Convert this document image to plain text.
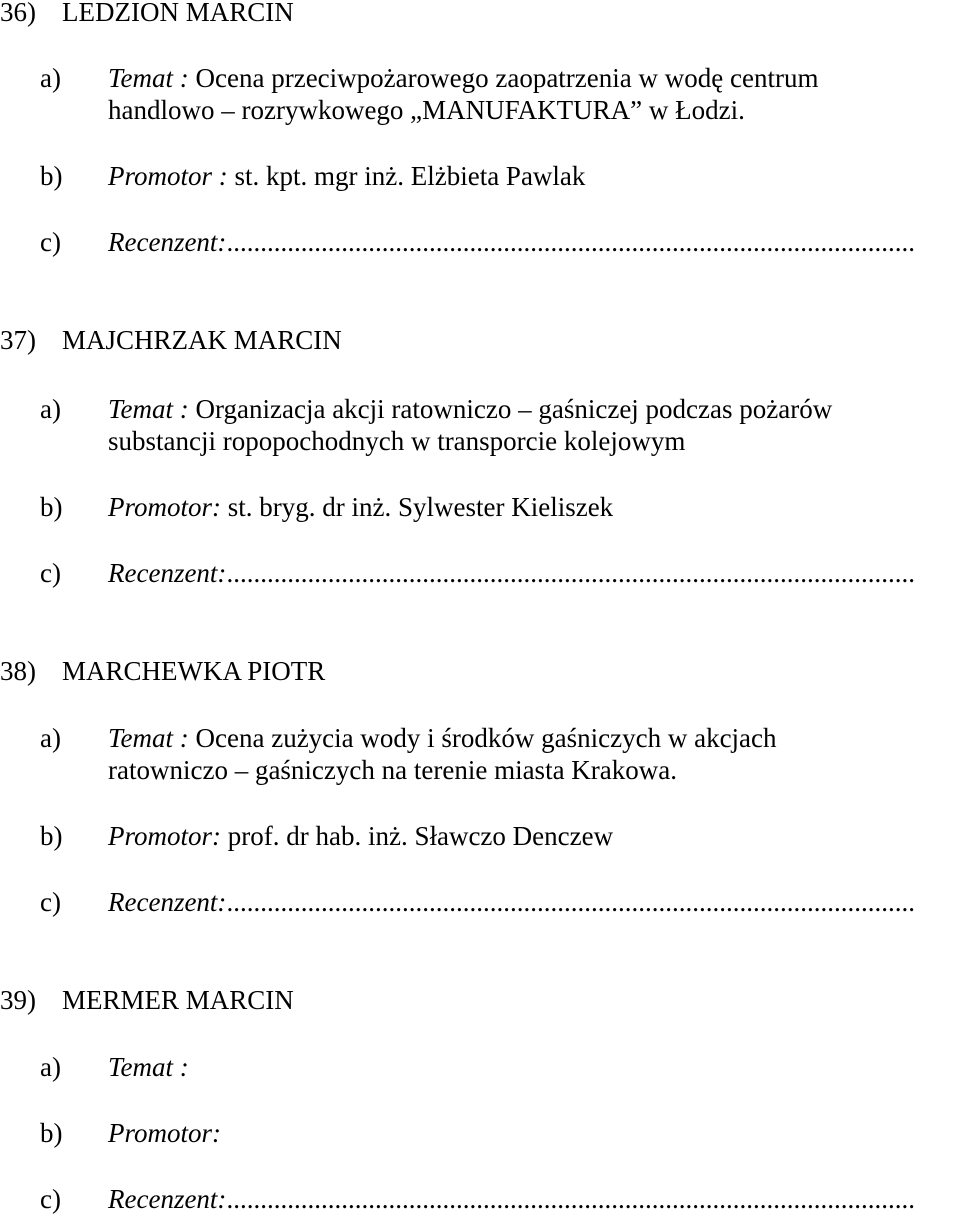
36) LEDZION MARCIN
a) Temat : Ocena przeciwpożarowego zaopatrzenia w wodę centrum
handlowo – rozrywkowego „MANUFAKTURA” w Łodzi.
b) Promotor : st. kpt. mgr inż. Elżbieta Pawlak
c) Recenzent:......................................................................................................
37) MAJCHRZAK MARCIN
a) Temat : Organizacja akcji ratowniczo – gaśniczej podczas pożarów
substancji ropopochodnych w transporcie kolejowym
b) Promotor: st. bryg. dr inż. Sylwester Kieliszek
c) Recenzent:......................................................................................................
38) MARCHEWKA PIOTR
a) Temat : Ocena zużycia wody i środków gaśniczych w akcjach
ratowniczo – gaśniczych na terenie miasta Krakowa.
b) Promotor: prof. dr hab. inż. Sławczo Denczew
c) Recenzent:......................................................................................................
39) MERMER MARCIN
a) Temat :
b) Promotor:
c) Recenzent:......................................................................................................
